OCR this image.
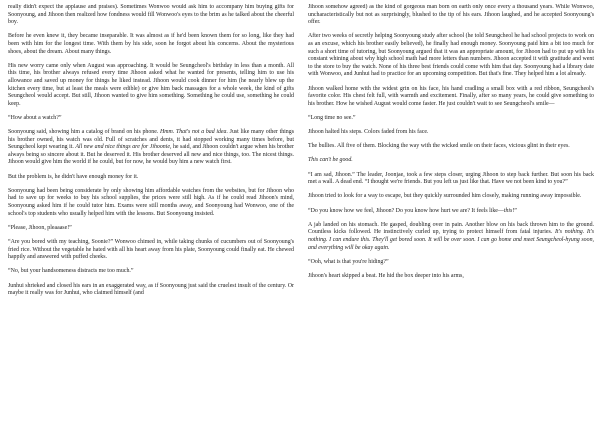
really didn't expect the applause and praises). Sometimes Wonwoo would ask him to accompany him buying gifts for Soonyoung, and Jihoon then realized how fondness would fill Wonwoo's eyes to the brim as he talked about the cheerful boy.

Before he even knew it, they became inseparable. It was almost as if he'd been known them for so long, like they had been with him for the longest time. With them by his side, soon he forgot about his concerns. About the mysterious shoes, about the dream. About many things.

His new worry came only when August was approaching. It would be Seungcheol's birthday in less than a month. All this time, his brother always refused every time Jihoon asked what he wanted for presents, telling him to use his allowance and saved up money for things he liked instead. Jihoon would cook dinner for him (he nearly blew up the kitchen every time, but at least the meals were edible) or give him back massages for a whole week, the kind of gifts Seungcheol would accept. But still, Jihoon wanted to give him something. Something he could use, something he could keep.

“How about a watch?”

Soonyoung said, showing him a catalog of brand on his phone. Hmm. That's not a bad idea. Just like many other things his brother owned, his watch was old. Full of scratches and dents, it had stopped working many times before, but Seungcheol kept wearing it. All new and nice things are for Jihoonie, he said, and Jihoon couldn't argue when his brother always being so sincere about it. But he deserved it. His brother deserved all new and nice things, too. The nicest things. Jihoon would give him the world if he could, but for now, he would buy him a new watch first.

But the problem is, he didn't have enough money for it.

Soonyoung had been being considerate by only showing him affordable watches from the websites, but for Jihoon who had to save up for weeks to buy his school supplies, the prices were still high. As if he could read Jihoon's mind, Soonyoung asked him if he could tutor him. Exams were still months away, and Soonyoung had Wonwoo, one of the school's top students who usually helped him with the lessons. But Soonyoung insisted.

“Please, Jihoon, pleaaase!”

“Are you bored with my teaching, Soonie?” Wonwoo chimed in, while taking chunks of cucumbers out of Soonyoung's fried rice. Without the vegetable he hated with all his heart away from his plate, Soonyoung could finally eat. He chewed happily and answered with puffed cheeks.

“No, but your handsomeness distracts me too much.”

Junhui shrieked and closed his ears in an exaggerated way, as if Soonyoung just said the cruelest insult of the century. Or maybe it really was for Junhui, who claimed himself (and

Jihoon somehow agreed) as the kind of gorgeous man born on earth only once every a thousand years. While Wonwoo, uncharacteristically but not as surprisingly, blushed to the tip of his ears. Jihoon laughed, and he accepted Soonyoung's offer.

After two weeks of secretly helping Soonyoung study after school (he told Seungcheol he had school projects to work on as an excuse, which his brother easily believed), he finally had enough money. Soonyoung paid him a bit too much for such a short time of tutoring, but Soonyoung argued that it was an appropriate amount, for Jihoon had to put up with his constant whining about why high school math had more letters than numbers. Jihoon accepted it with gratitude and went to the store to buy the watch. None of his three best friends could come with him that day. Soonyoung had a library date with Wonwoo, and Junhui had to practice for an upcoming competition. But that's fine. They helped him a lot already.

Jihoon walked home with the widest grin on his face, his hand cradling a small box with a red ribbon, Seungcheol's favorite color. His chest felt full, with warmth and excitement. Finally, after so many years, he could give something to his brother. How he wished August would come faster. He just couldn't wait to see Seungcheol's smile—

“Long time no see.”

Jihoon halted his steps. Colors faded from his face.

The bullies. All five of them. Blocking the way with the wicked smile on their faces, vicious glint in their eyes.

This can't be good.

“I am sad, Jihoon.” The leader, Joonjae, took a few steps closer, urging Jihoon to step back further. But soon his back met a wall. A dead end. “I thought we're friends. But you left us just like that. Have we not been kind to you?”

Jihoon tried to look for a way to escape, but they quickly surrounded him closely, making running away impossible.

“Do you know how we feel, Jihoon? Do you know how hurt we are? It feels like—this!”

A jab landed on his stomach. He gasped, doubling over in pain. Another blow on his back thrown him to the ground. Countless kicks followed. He instinctively curled up, trying to protect himself from fatal injuries. It's nothing. It's nothing. I can endure this. They'll get bored soon. It will be over soon. I can go home and meet Seungcheol-hyung soon, and everything will be okay again.

“Ooh, what is that you're hiding?”

Jihoon's heart skipped a beat. He hid the box deeper into his arms,
